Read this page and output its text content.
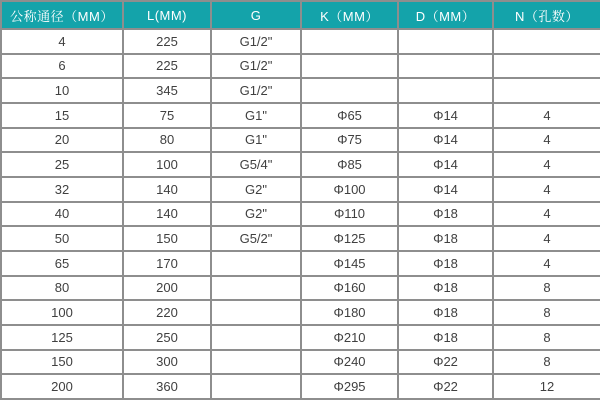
公称通径（MM）	L(MM)	G	K（MM）	D（MM）	N（孔数）
4	225	G1/2"			
6	225	G1/2"			
10	345	G1/2"			
15	75	G1"	Φ65	Φ14	4
20	80	G1"	Φ75	Φ14	4
25	100	G5/4"	Φ85	Φ14	4
32	140	G2"	Φ100	Φ14	4
40	140	G2"	Φ110	Φ18	4
50	150	G5/2"	Φ125	Φ18	4
65	170		Φ145	Φ18	4
80	200		Φ160	Φ18	8
100	220		Φ180	Φ18	8
125	250		Φ210	Φ18	8
150	300		Φ240	Φ22	8
200	360		Φ295	Φ22	12
